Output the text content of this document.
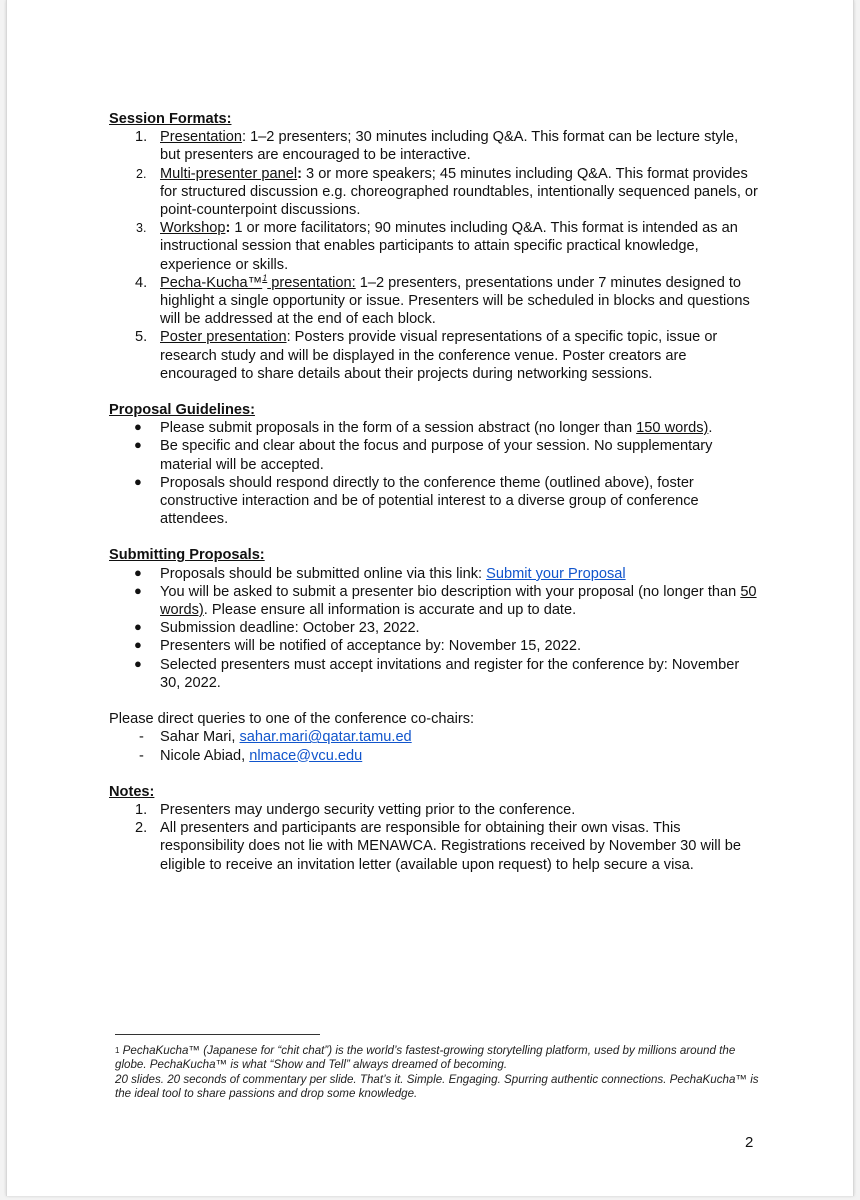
Session Formats:
1. Presentation: 1–2 presenters; 30 minutes including Q&A. This format can be lecture style, but presenters are encouraged to be interactive.
2. Multi-presenter panel: 3 or more speakers; 45 minutes including Q&A. This format provides for structured discussion e.g. choreographed roundtables, intentionally sequenced panels, or point-counterpoint discussions.
3. Workshop: 1 or more facilitators; 90 minutes including Q&A. This format is intended as an instructional session that enables participants to attain specific practical knowledge, experience or skills.
4. Pecha-Kucha™$^1$ presentation: 1–2 presenters, presentations under 7 minutes designed to highlight a single opportunity or issue. Presenters will be scheduled in blocks and questions will be addressed at the end of each block.
5. Poster presentation: Posters provide visual representations of a specific topic, issue or research study and will be displayed in the conference venue. Poster creators are encouraged to share details about their projects during networking sessions.
Proposal Guidelines:
● Please submit proposals in the form of a session abstract (no longer than 150 words).
● Be specific and clear about the focus and purpose of your session. No supplementary material will be accepted.
● Proposals should respond directly to the conference theme (outlined above), foster constructive interaction and be of potential interest to a diverse group of conference attendees.
Submitting Proposals:
● Proposals should be submitted online via this link: Submit your Proposal
● You will be asked to submit a presenter bio description with your proposal (no longer than 50 words). Please ensure all information is accurate and up to date.
● Submission deadline: October 23, 2022.
● Presenters will be notified of acceptance by: November 15, 2022.
● Selected presenters must accept invitations and register for the conference by: November 30, 2022.

Please direct queries to one of the conference co-chairs:

- Sahar Mari, sahar.mari@qatar.tamu.ed
- Nicole Abiad, nlmace@vcu.edu
Notes:
1. Presenters may undergo security vetting prior to the conference.
2. All presenters and participants are responsible for obtaining their own visas. This responsibility does not lie with MENAWCA. Registrations received by November 30 will be eligible to receive an invitation letter (available upon request) to help secure a visa.
$^1$ PechaKucha™ (Japanese for “chit chat”) is the world’s fastest-growing storytelling platform, used by millions around the globe. PechaKucha™ is what “Show and Tell” always dreamed of becoming.
20 slides. 20 seconds of commentary per slide. That’s it. Simple. Engaging. Spurring authentic connections. PechaKucha™ is the ideal tool to share passions and drop some knowledge.
2
